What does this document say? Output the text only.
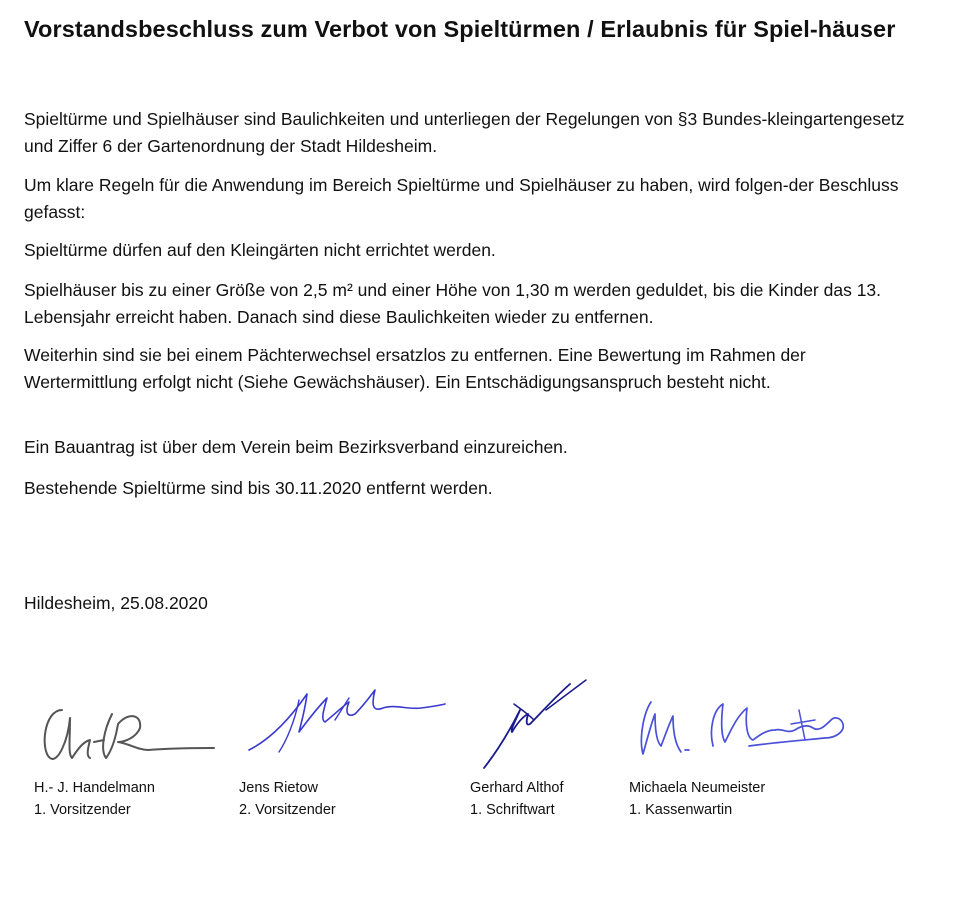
Vorstandsbeschluss zum Verbot von Spieltürmen / Erlaubnis für Spiel-häuser

Spieltürme und Spielhäuser sind Baulichkeiten und unterliegen der Regelungen von §3 Bundes-kleingartengesetz und Ziffer 6 der Gartenordnung der Stadt Hildesheim.

Um klare Regeln für die Anwendung im Bereich Spieltürme und Spielhäuser zu haben, wird folgen-der Beschluss gefasst:

Spieltürme dürfen auf den Kleingärten nicht errichtet werden.

Spielhäuser bis zu einer Größe von 2,5 m² und einer Höhe von 1,30 m werden geduldet, bis die Kinder das 13. Lebensjahr erreicht haben. Danach sind diese Baulichkeiten wieder zu entfernen.

Weiterhin sind sie bei einem Pächterwechsel ersatzlos zu entfernen. Eine Bewertung im Rahmen der Wertermittlung erfolgt nicht (Siehe Gewächshäuser). Ein Entschädigungsanspruch besteht nicht.

Ein Bauantrag ist über dem Verein beim Bezirksverband einzureichen.

Bestehende Spieltürme sind bis 30.11.2020 entfernt werden.

Hildesheim, 25.08.2020

H.- J. Handelmann
1. Vorsitzender
Jens Rietow
2. Vorsitzender
Gerhard Althof
1. Schriftwart
Michaela Neumeister
1. Kassenwartin
